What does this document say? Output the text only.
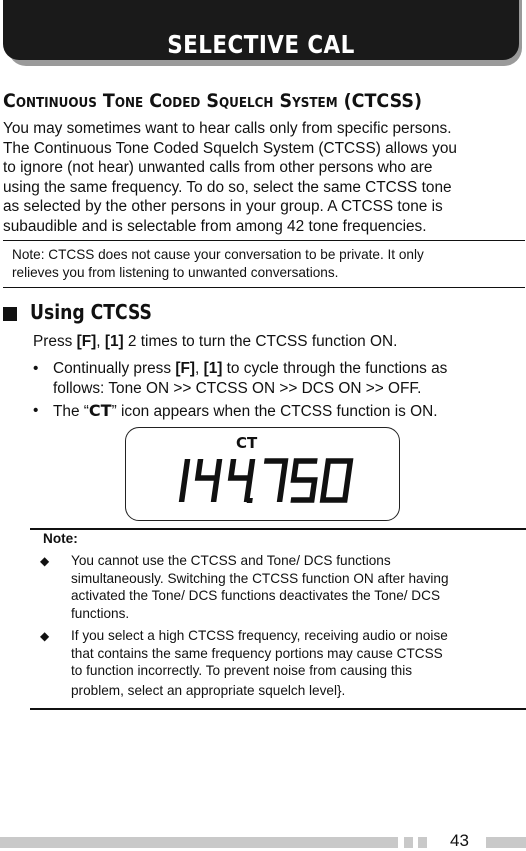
SELECTIVE CAL
Continuous Tone Coded Squelch System (CTCSS)
You may sometimes want to hear calls only from specific persons.
The Continuous Tone Coded Squelch System (CTCSS) allows you
to ignore (not hear) unwanted calls from other persons who are
using the same frequency. To do so, select the same CTCSS tone
as selected by the other persons in your group. A CTCSS tone is
subaudible and is selectable from among 42 tone frequencies.
Note: CTCSS does not cause your conversation to be private. It only
relieves you from listening to unwanted conversations.
Using CTCSS
Press [F], [1] 2 times to turn the CTCSS function ON.
• Continually press [F], [1] to cycle through the functions as
follows: Tone ON >> CTCSS ON >> DCS ON >> OFF.
• The “CT” icon appears when the CTCSS function is ON.
CT
Note:
◆ You cannot use the CTCSS and Tone/ DCS functions
simultaneously. Switching the CTCSS function ON after having
activated the Tone/ DCS functions deactivates the Tone/ DCS
functions.
◆ If you select a high CTCSS frequency, receiving audio or noise
that contains the same frequency portions may cause CTCSS
to function incorrectly. To prevent noise from causing this
problem, select an appropriate squelch level}.
43
